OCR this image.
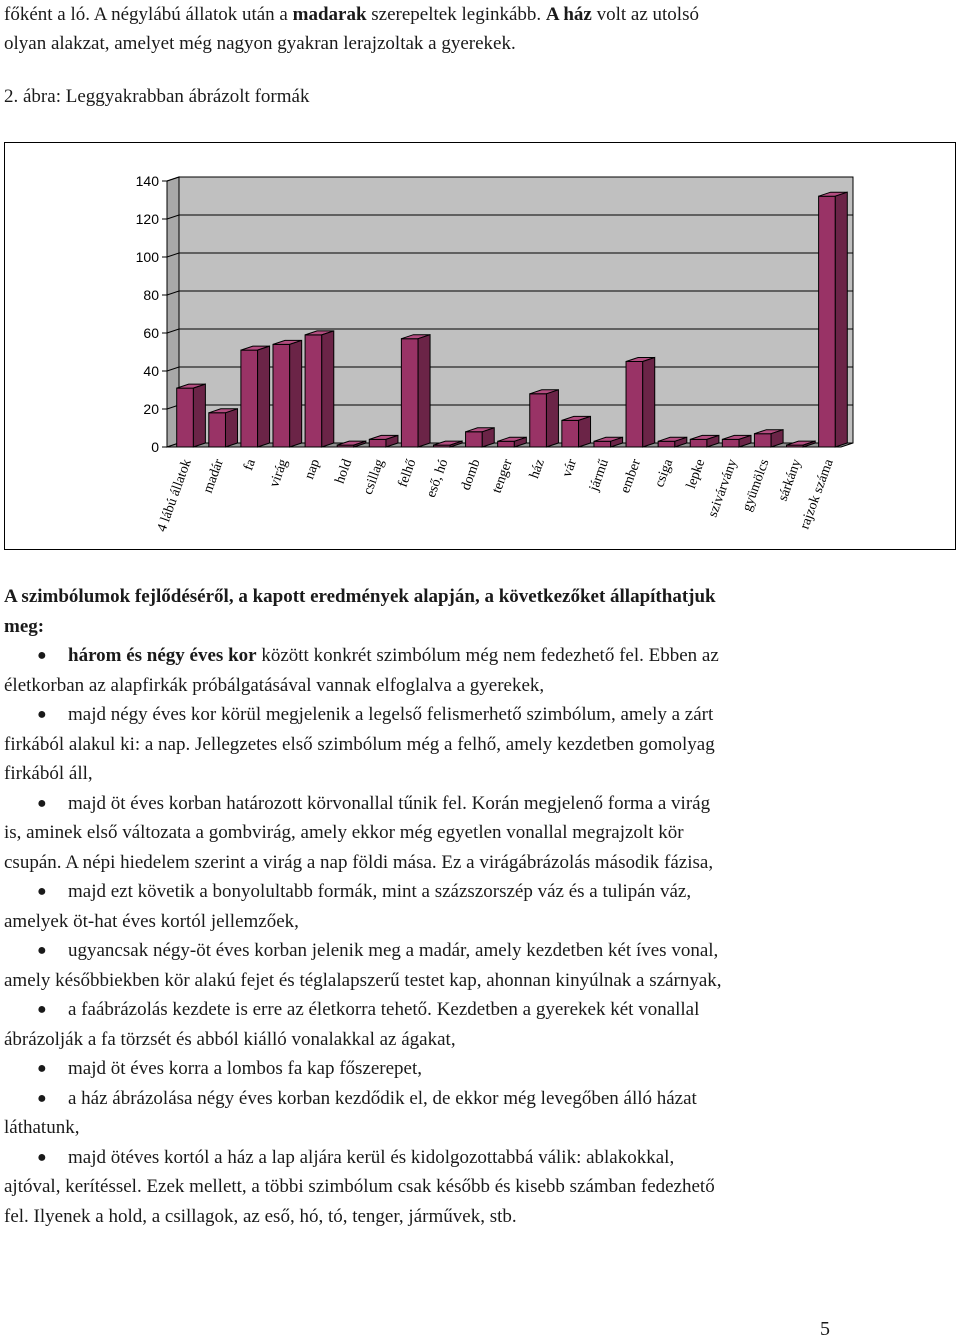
főként a ló. A négylábú állatok után a madarak szerepeltek leginkább. A ház volt az utolsó

olyan alakzat, amelyet még nagyon gyakran lerajzoltak a gyerekek.

2. ábra: Leggyakrabban ábrázolt formák
0
20
40
60
80
100
120
140
4 lábú állatok madár fa virág nap hold csillag felhő eső, hó domb tenger ház vár jármű ember csiga lepke
szivárvány gyümölcs sárkány
rajzok száma

A szimbólumok fejlődéséről, a kapott eredmények alapján, a következőket állapíthatjuk

meg:

● három és négy éves kor között konkrét szimbólum még nem fedezhető fel. Ebben az

életkorban az alapfirkák próbálgatásával vannak elfoglalva a gyerekek,

● majd négy éves kor körül megjelenik a legelső felismerhető szimbólum, amely a zárt

firkából alakul ki: a nap. Jellegzetes első szimbólum még a felhő, amely kezdetben gomolyag

firkából áll,

● majd öt éves korban határozott körvonallal tűnik fel. Korán megjelenő forma a virág

is, aminek első változata a gombvirág, amely ekkor még egyetlen vonallal megrajzolt kör

csupán. A népi hiedelem szerint a virág a nap földi mása. Ez a virágábrázolás második fázisa,

● majd ezt követik a bonyolultabb formák, mint a százszorszép váz és a tulipán váz,

amelyek öt-hat éves kortól jellemzőek,

● ugyancsak négy-öt éves korban jelenik meg a madár, amely kezdetben két íves vonal,

amely későbbiekben kör alakú fejet és téglalapszerű testet kap, ahonnan kinyúlnak a szárnyak,

● a faábrázolás kezdete is erre az életkorra tehető. Kezdetben a gyerekek két vonallal

ábrázolják a fa törzsét és abból kiálló vonalakkal az ágakat,

● majd öt éves korra a lombos fa kap főszerepet,

● a ház ábrázolása négy éves korban kezdődik el, de ekkor még levegőben álló házat

láthatunk,

● majd ötéves kortól a ház a lap aljára kerül és kidolgozottabbá válik: ablakokkal,

ajtóval, kerítéssel. Ezek mellett, a többi szimbólum csak később és kisebb számban fedezhető

fel. Ilyenek a hold, a csillagok, az eső, hó, tó, tenger, járművek, stb.

5
